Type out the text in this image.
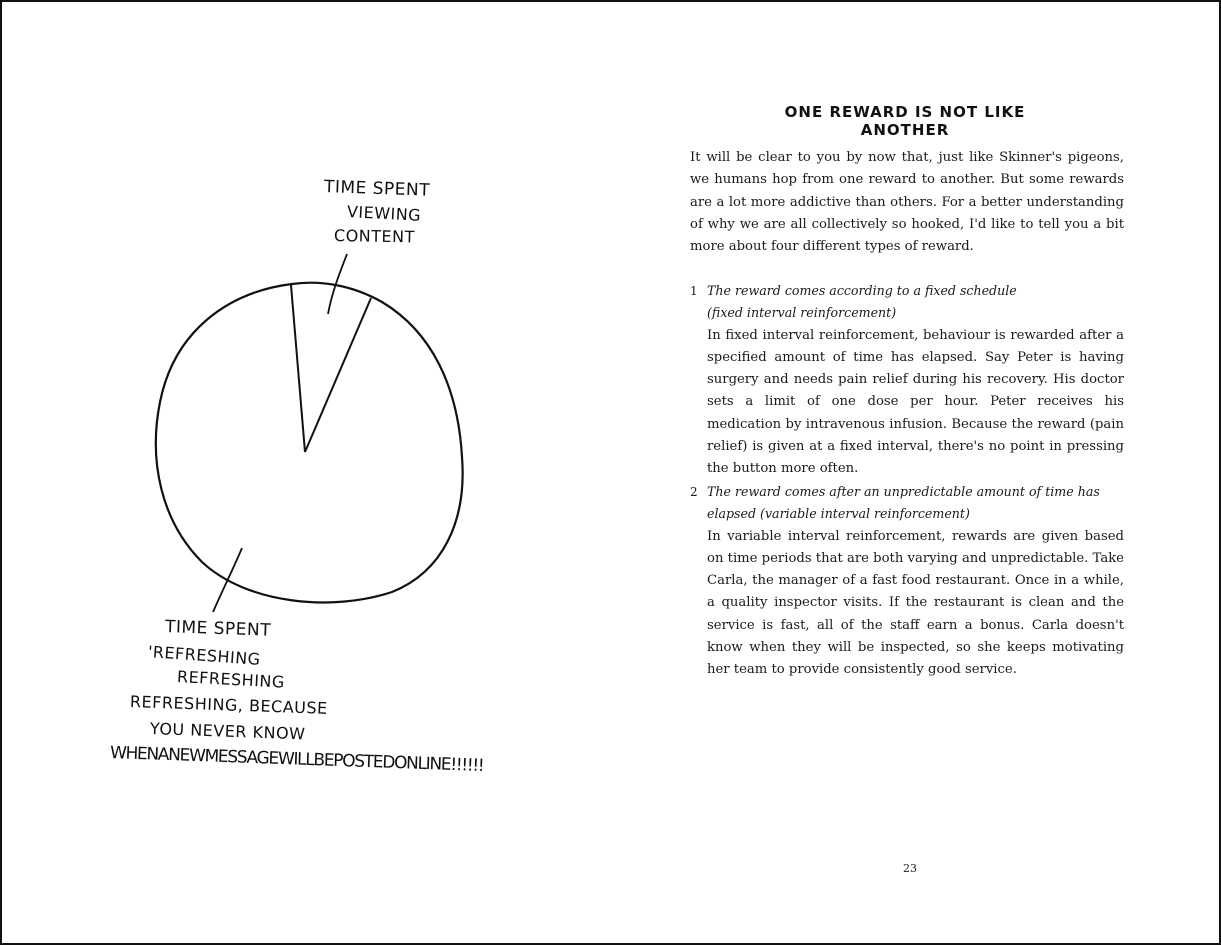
TIME SPENT
VIEWING
CONTENT
TIME SPENT
'REFRESHING
REFRESHING
REFRESHING, BECAUSE
YOU NEVER KNOW
WHENANEWMESSAGEWILLBEPOSTEDONLINE!!!!!!
ONE REWARD IS NOT LIKE ANOTHER
It will be clear to you by now that, just like Skinner's pigeons, we humans hop from one reward to another. But some rewards are a lot more addictive than others. For a better understanding of why we are all collectively so hooked, I'd like to tell you a bit more about four different types of reward.
1 The reward comes according to a fixed schedule
(fixed interval reinforcement)
In fixed interval reinforcement, behaviour is rewarded after a specified amount of time has elapsed. Say Peter is having surgery and needs pain relief during his recovery. His doctor sets a limit of one dose per hour. Peter receives his medication by intravenous infusion. Because the reward (pain relief) is given at a fixed interval, there's no point in pressing the button more often.
2 The reward comes after an unpredictable amount of time has
elapsed (variable interval reinforcement)
In variable interval reinforcement, rewards are given based on time periods that are both varying and unpredictable. Take Carla, the manager of a fast food restaurant. Once in a while, a quality inspector visits. If the restaurant is clean and the service is fast, all of the staff earn a bonus. Carla doesn't know when they will be inspected, so she keeps motivating her team to provide consistently good service.
23
